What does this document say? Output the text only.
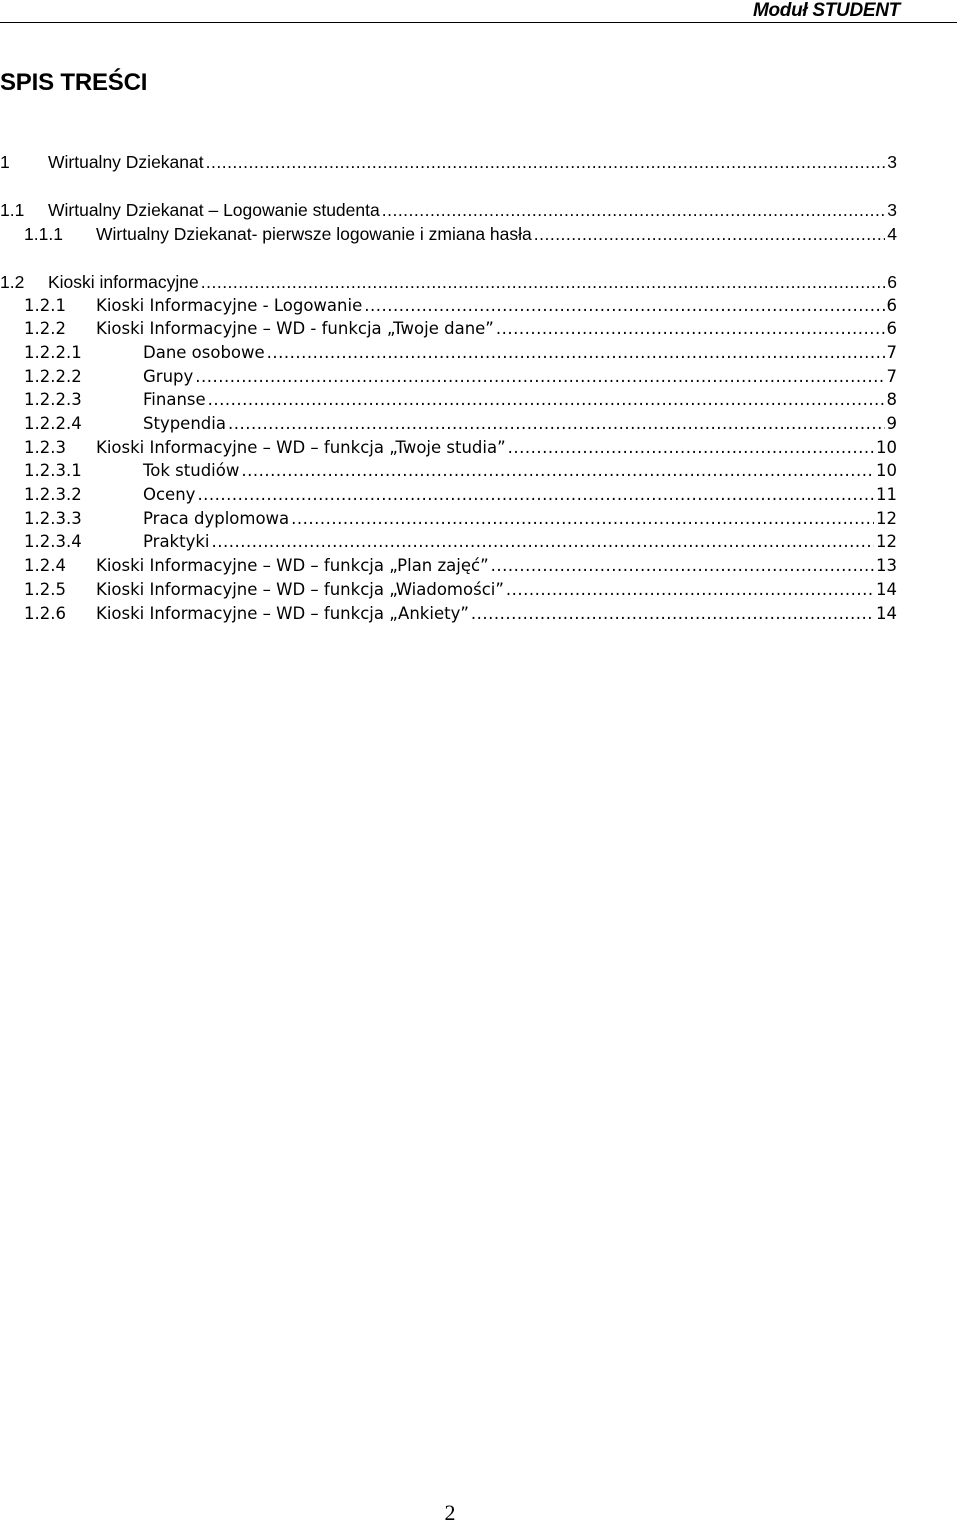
Moduł STUDENT
SPIS TREŚCI
1	Wirtualny Dziekanat .....	3
1.1	Wirtualny Dziekanat – Logowanie studenta .....	3
1.1.1	Wirtualny Dziekanat- pierwsze logowanie i zmiana hasła .....	4
1.2	Kioski informacyjne .....	6
1.2.1	Kioski Informacyjne - Logowanie .....	6
1.2.2	Kioski Informacyjne – WD - funkcja „Twoje dane” .....	6
1.2.2.1	Dane osobowe .....	7
1.2.2.2	Grupy .....	7
1.2.2.3	Finanse .....	8
1.2.2.4	Stypendia .....	9
1.2.3	Kioski Informacyjne – WD – funkcja „Twoje studia” .....	10
1.2.3.1	Tok studiów .....	10
1.2.3.2	Oceny .....	11
1.2.3.3	Praca dyplomowa .....	12
1.2.3.4	Praktyki .....	12
1.2.4	Kioski Informacyjne – WD – funkcja „Plan zajęć” .....	13
1.2.5	Kioski Informacyjne – WD – funkcja „Wiadomości” .....	14
1.2.6	Kioski Informacyjne – WD – funkcja „Ankiety” .....	14
2
